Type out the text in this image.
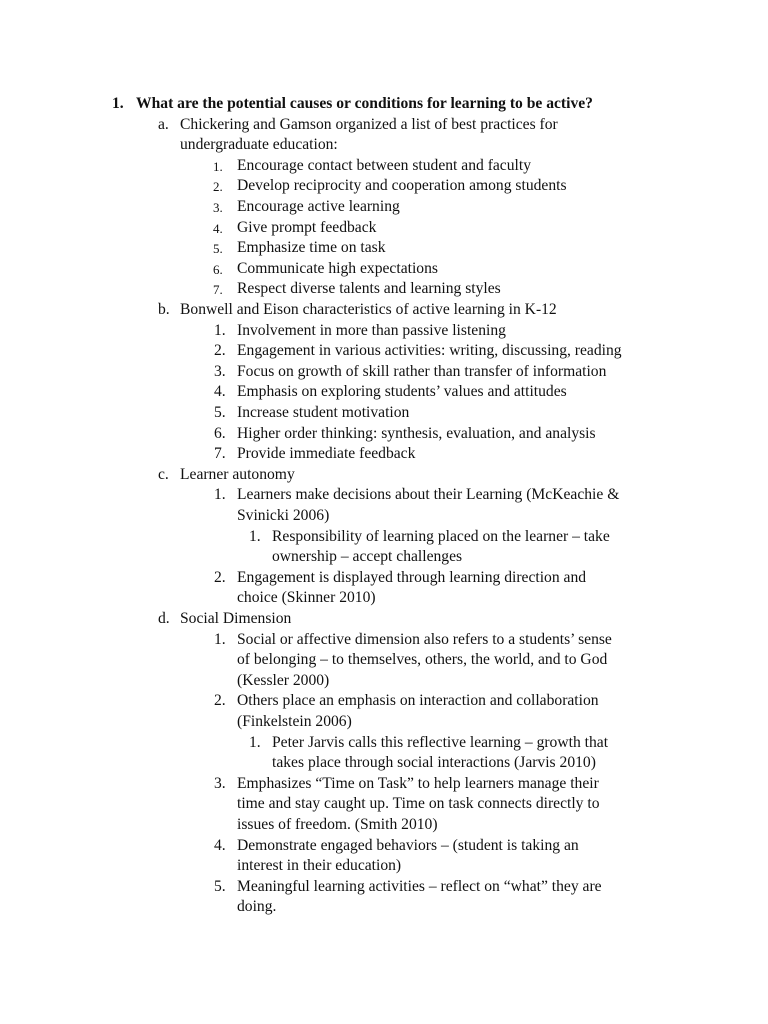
1. What are the potential causes or conditions for learning to be active?
a. Chickering and Gamson organized a list of best practices for
undergraduate education:
1. Encourage contact between student and faculty
2. Develop reciprocity and cooperation among students
3. Encourage active learning
4. Give prompt feedback
5. Emphasize time on task
6. Communicate high expectations
7. Respect diverse talents and learning styles
b. Bonwell and Eison characteristics of active learning in K-12
1. Involvement in more than passive listening
2. Engagement in various activities: writing, discussing, reading
3. Focus on growth of skill rather than transfer of information
4. Emphasis on exploring students’ values and attitudes
5. Increase student motivation
6. Higher order thinking: synthesis, evaluation, and analysis
7. Provide immediate feedback
c. Learner autonomy
1. Learners make decisions about their Learning (McKeachie &
Svinicki 2006)
1. Responsibility of learning placed on the learner – take
ownership – accept challenges
2. Engagement is displayed through learning direction and
choice (Skinner 2010)
d. Social Dimension
1. Social or affective dimension also refers to a students’ sense
of belonging – to themselves, others, the world, and to God
(Kessler 2000)
2. Others place an emphasis on interaction and collaboration
(Finkelstein 2006)
1. Peter Jarvis calls this reflective learning – growth that
takes place through social interactions (Jarvis 2010)
3. Emphasizes “Time on Task” to help learners manage their
time and stay caught up. Time on task connects directly to
issues of freedom. (Smith 2010)
4. Demonstrate engaged behaviors – (student is taking an
interest in their education)
5. Meaningful learning activities – reflect on “what” they are
doing.
